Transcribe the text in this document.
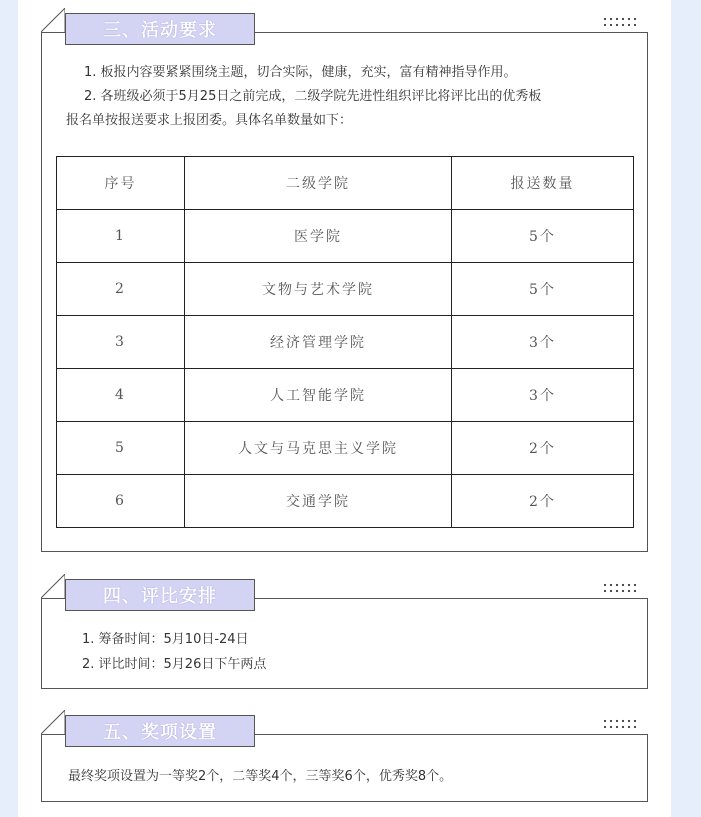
三、活动要求
1. 板报内容要紧紧围绕主题，切合实际，健康，充实，富有精神指导作用。
2. 各班级必须于5月25日之前完成，二级学院先进性组织评比将评比出的优秀板
报名单按报送要求上报团委。具体名单数量如下：
序号	二级学院	报送数量
1	医学院	5个
2	文物与艺术学院	5个
3	经济管理学院	3个
4	人工智能学院	3个
5	人文与马克思主义学院	2个
6	交通学院	2个
四、评比安排
1. 筹备时间：5月10日-24日
2. 评比时间：5月26日下午两点
五、奖项设置
最终奖项设置为一等奖2个，二等奖4个，三等奖6个，优秀奖8个。
